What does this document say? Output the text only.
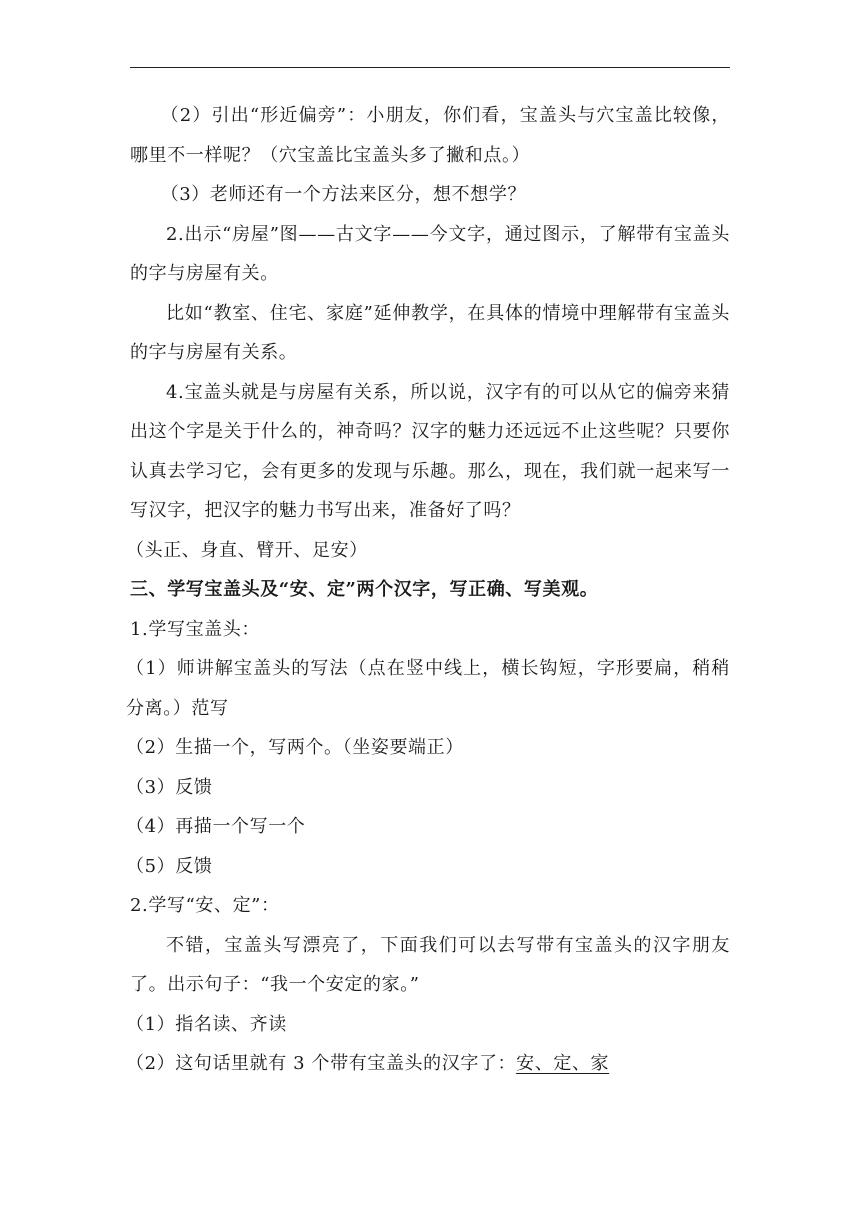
（2）引出“形近偏旁”：小朋友，你们看，宝盖头与穴宝盖比较像，哪里不一样呢？（穴宝盖比宝盖头多了撇和点。）

（3）老师还有一个方法来区分，想不想学？

2.出示“房屋”图——古文字——今文字，通过图示，了解带有宝盖头的字与房屋有关。

比如“教室、住宅、家庭”延伸教学，在具体的情境中理解带有宝盖头的字与房屋有关系。

4.宝盖头就是与房屋有关系，所以说，汉字有的可以从它的偏旁来猜出这个字是关于什么的，神奇吗？汉字的魅力还远远不止这些呢？只要你认真去学习它，会有更多的发现与乐趣。那么，现在，我们就一起来写一写汉字，把汉字的魅力书写出来，准备好了吗？

（头正、身直、臂开、足安）

三、学写宝盖头及“安、定”两个汉字，写正确、写美观。

1.学写宝盖头：

（1）师讲解宝盖头的写法（点在竖中线上，横长钩短，字形要扁，稍稍分离。）范写

（2）生描一个，写两个。（坐姿要端正）

（3）反馈

（4）再描一个写一个

（5）反馈

2.学写“安、定”：

不错，宝盖头写漂亮了，下面我们可以去写带有宝盖头的汉字朋友了。出示句子：“我一个安定的家。”

（1）指名读、齐读

（2）这句话里就有 3 个带有宝盖头的汉字了：安、定、家
